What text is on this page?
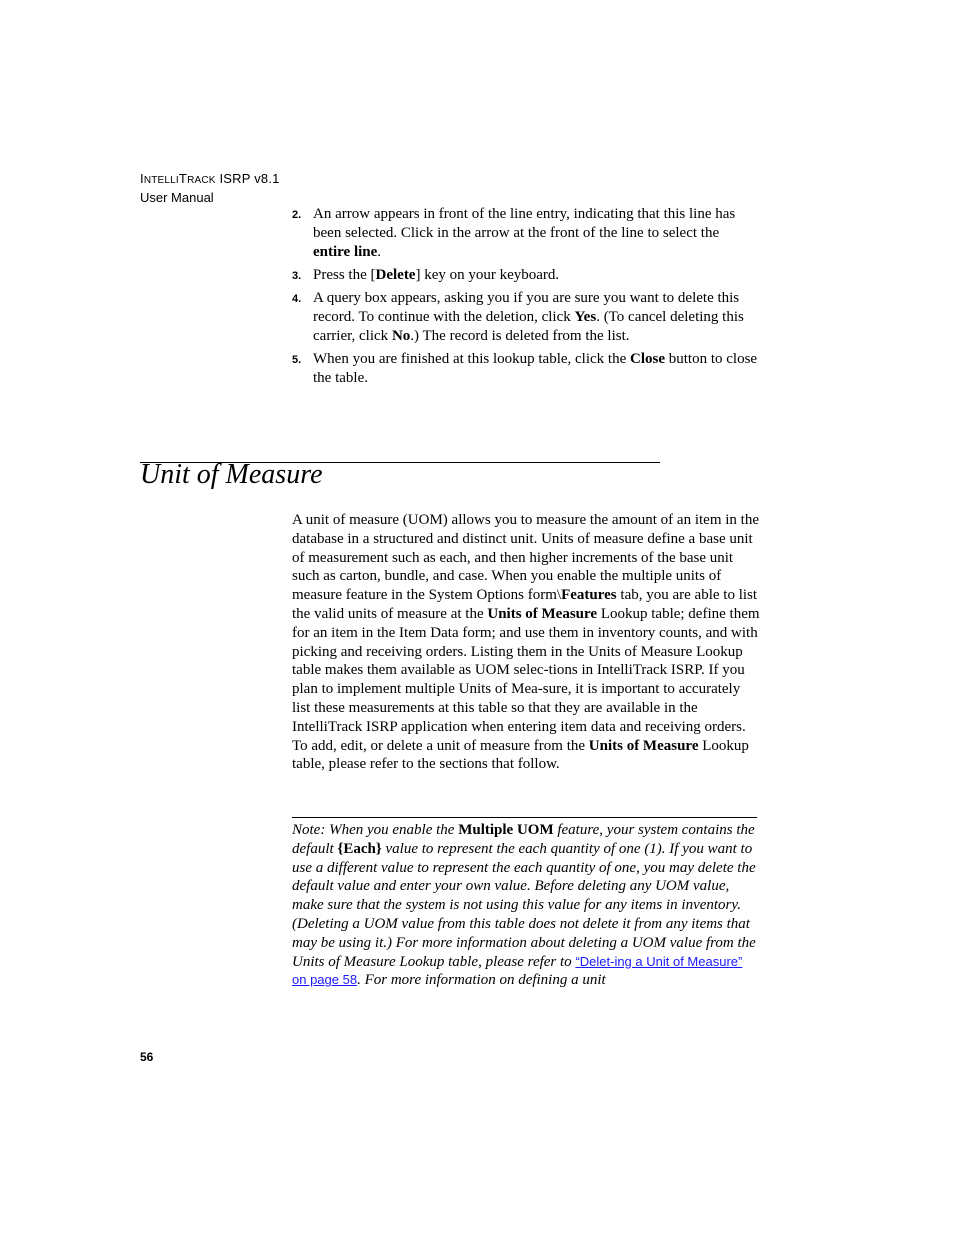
INTELLITRACK ISRP v8.1
User Manual
2. An arrow appears in front of the line entry, indicating that this line has been selected. Click in the arrow at the front of the line to select the entire line.
3. Press the [Delete] key on your keyboard.
4. A query box appears, asking you if you are sure you want to delete this record. To continue with the deletion, click Yes. (To cancel deleting this carrier, click No.) The record is deleted from the list.
5. When you are finished at this lookup table, click the Close button to close the table.
Unit of Measure

A unit of measure (UOM) allows you to measure the amount of an item in the database in a structured and distinct unit. Units of measure define a base unit of measurement such as each, and then higher increments of the base unit such as carton, bundle, and case. When you enable the multiple units of measure feature in the System Options form\Features tab, you are able to list the valid units of measure at the Units of Measure Lookup table; define them for an item in the Item Data form; and use them in inventory counts, and with picking and receiving orders. Listing them in the Units of Measure Lookup table makes them available as UOM selec-tions in IntelliTrack ISRP. If you plan to implement multiple Units of Mea-sure, it is important to accurately list these measurements at this table so that they are available in the IntelliTrack ISRP application when entering item data and receiving orders. To add, edit, or delete a unit of measure from the Units of Measure Lookup table, please refer to the sections that follow.

Note: When you enable the Multiple UOM feature, your system contains the default {Each} value to represent the each quantity of one (1). If you want to use a different value to represent the each quantity of one, you may delete the default value and enter your own value. Before deleting any UOM value, make sure that the system is not using this value for any items in inventory. (Deleting a UOM value from this table does not delete it from any items that may be using it.) For more information about deleting a UOM value from the Units of Measure Lookup table, please refer to “Delet-ing a Unit of Measure” on page 58. For more information on defining a unit

56
